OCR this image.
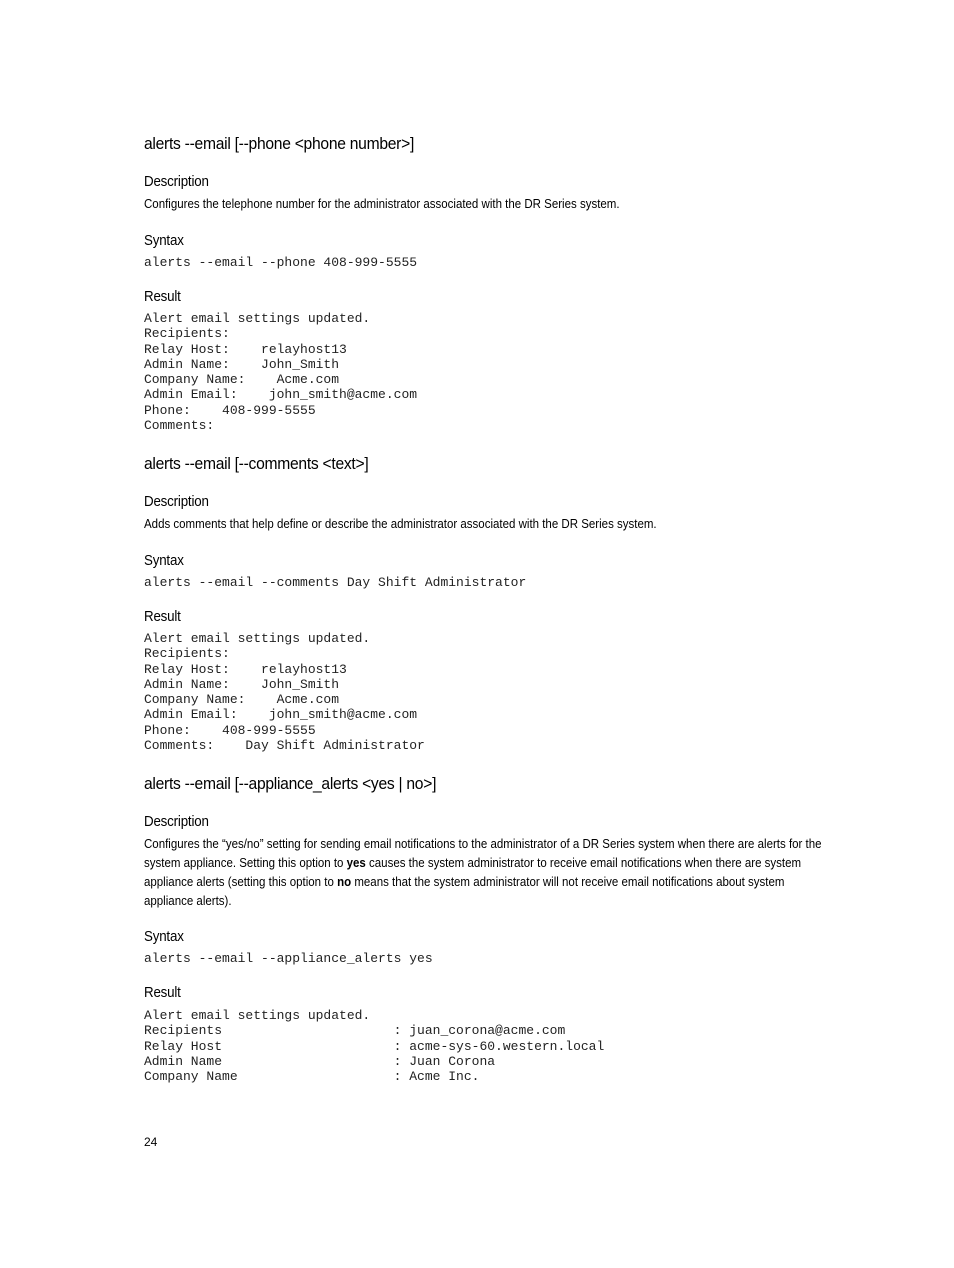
alerts --email [--phone <phone number>]
Description

Configures the telephone number for the administrator associated with the DR Series system.

Syntax
alerts --email --phone 408-999-5555
Result
Alert email settings updated.
Recipients:
Relay Host:    relayhost13
Admin Name:    John_Smith
Company Name:    Acme.com
Admin Email:    john_smith@acme.com
Phone:    408-999-5555
Comments:
alerts --email [--comments <text>]
Description

Adds comments that help define or describe the administrator associated with the DR Series system.

Syntax
alerts --email --comments Day Shift Administrator
Result
Alert email settings updated.
Recipients:
Relay Host:    relayhost13
Admin Name:    John_Smith
Company Name:    Acme.com
Admin Email:    john_smith@acme.com
Phone:    408-999-5555
Comments:    Day Shift Administrator
alerts --email [--appliance_alerts <yes | no>]
Description

Configures the “yes/no” setting for sending email notifications to the administrator of a DR Series system when there are alerts for the system appliance. Setting this option to yes causes the system administrator to receive email notifications when there are system appliance alerts (setting this option to no means that the system administrator will not receive email notifications about system appliance alerts).

Syntax
alerts --email --appliance_alerts yes
Result
Alert email settings updated.
Recipients                      : juan_corona@acme.com
Relay Host                      : acme-sys-60.western.local
Admin Name                      : Juan Corona
Company Name                    : Acme Inc.
24
